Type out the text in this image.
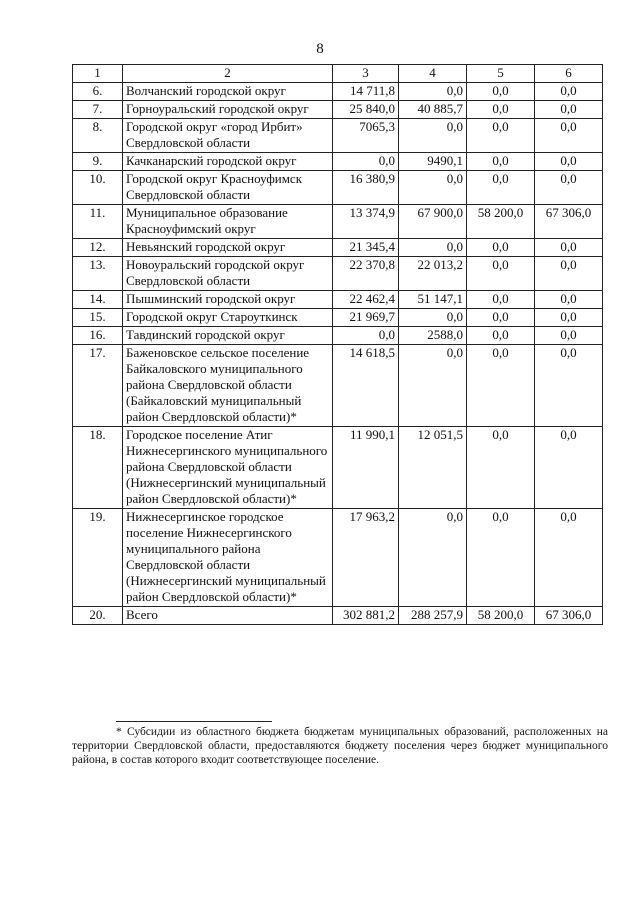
8
1	2	3	4	5	6
6.	Волчанский городской округ	14 711,8	0,0	0,0	0,0
7.	Горноуральский городской округ	25 840,0	40 885,7	0,0	0,0
8.	Городской округ «город Ирбит» Свердловской области	7065,3	0,0	0,0	0,0
9.	Качканарский городской округ	0,0	9490,1	0,0	0,0
10.	Городской округ Красноуфимск Свердловской области	16 380,9	0,0	0,0	0,0
11.	Муниципальное образование Красноуфимский округ	13 374,9	67 900,0	58 200,0	67 306,0
12.	Невьянский городской округ	21 345,4	0,0	0,0	0,0
13.	Новоуральский городской округ Свердловской области	22 370,8	22 013,2	0,0	0,0
14.	Пышминский городской округ	22 462,4	51 147,1	0,0	0,0
15.	Городской округ Староуткинск	21 969,7	0,0	0,0	0,0
16.	Тавдинский городской округ	0,0	2588,0	0,0	0,0
17.	Баженовское сельское поселение Байкаловского муниципального района Свердловской области (Байкаловский муниципальный район Свердловской области)*	14 618,5	0,0	0,0	0,0
18.	Городское поселение Атиг Нижнесергинского муниципального района Свердловской области (Нижнесергинский муниципальный район Свердловской области)*	11 990,1	12 051,5	0,0	0,0
19.	Нижнесергинское городское поселение Нижнесергинского муниципального района Свердловской области (Нижнесергинский муниципальный район Свердловской области)*	17 963,2	0,0	0,0	0,0
20.	Всего	302 881,2	288 257,9	58 200,0	67 306,0
* Субсидии из областного бюджета бюджетам муниципальных образований, расположенных на территории Свердловской области, предоставляются бюджету поселения через бюджет муниципального района, в состав которого входит соответствующее поселение.
